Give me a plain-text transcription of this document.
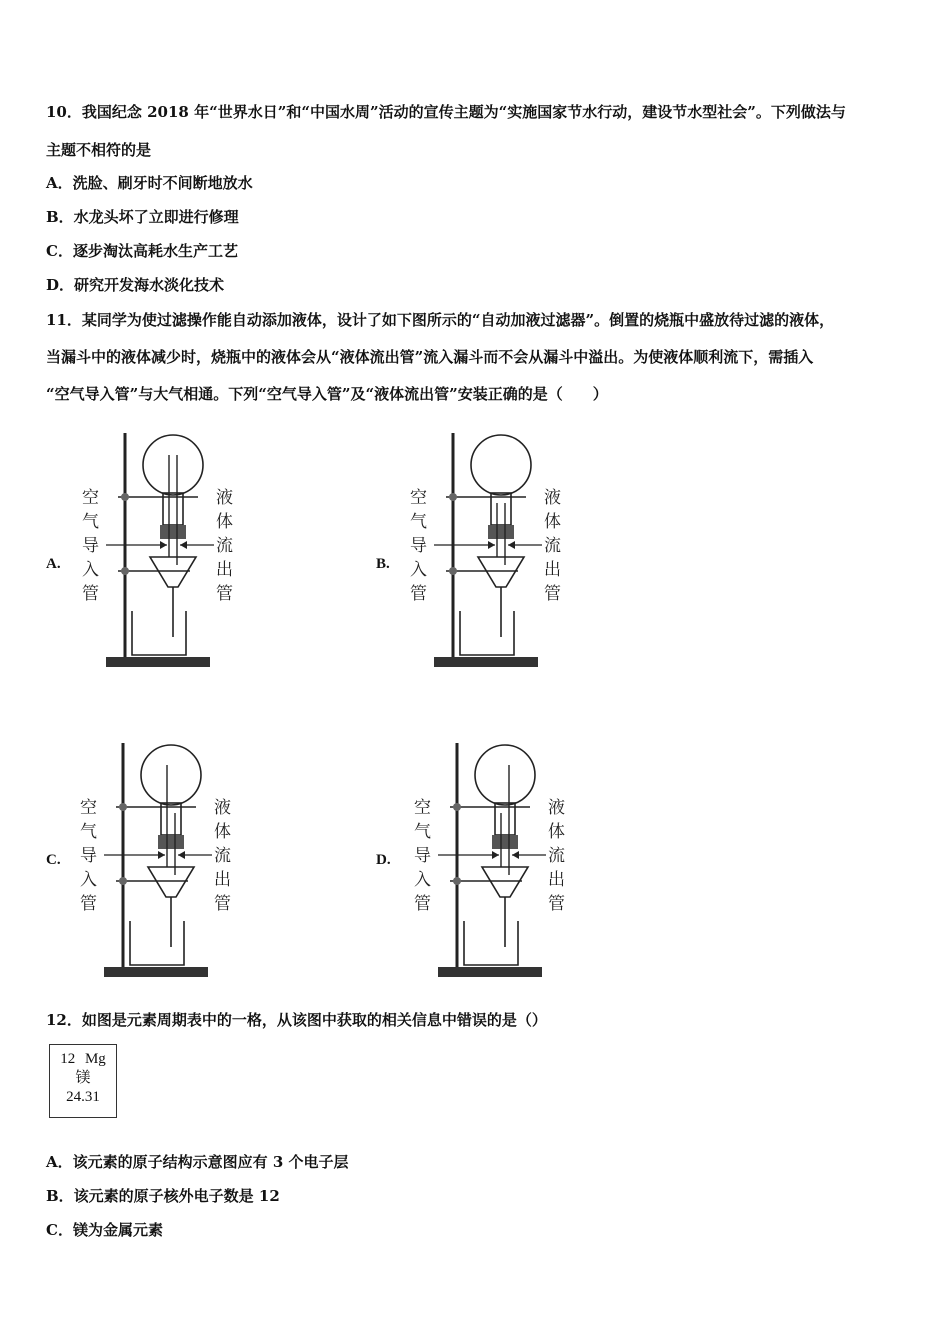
10．我国纪念 2018 年“世界水日”和“中国水周”活动的宣传主题为“实施国家节水行动，建设节水型社会”。下列做法与
主题不相符的是
A．洗脸、刷牙时不间断地放水
B．水龙头坏了立即进行修理
C．逐步淘汰高耗水生产工艺
D．研究开发海水淡化技术
11．某同学为使过滤操作能自动添加液体，设计了如下图所示的“自动加液过滤器”。倒置的烧瓶中盛放待过滤的液体，
当漏斗中的液体减少时，烧瓶中的液体会从“液体流出管”流入漏斗而不会从漏斗中溢出。为使液体顺利流下，需插入
“空气导入管”与大气相通。下列“空气导入管”及“液体流出管”安装正确的是（　　）
A.	B.
C.	D.
空
气
导
入
管
液
体
流
出
管
空
气
导
入
管
液
体
流
出
管
空
气
导
入
管
液
体
流
出
管
空
气
导
入
管
液
体
流
出
管
12．如图是元素周期表中的一格，从该图中获取的相关信息中错误的是（）
12 Mg
镁
24.31
A．该元素的原子结构示意图应有 3 个电子层
B．该元素的原子核外电子数是 12
C．镁为金属元素
